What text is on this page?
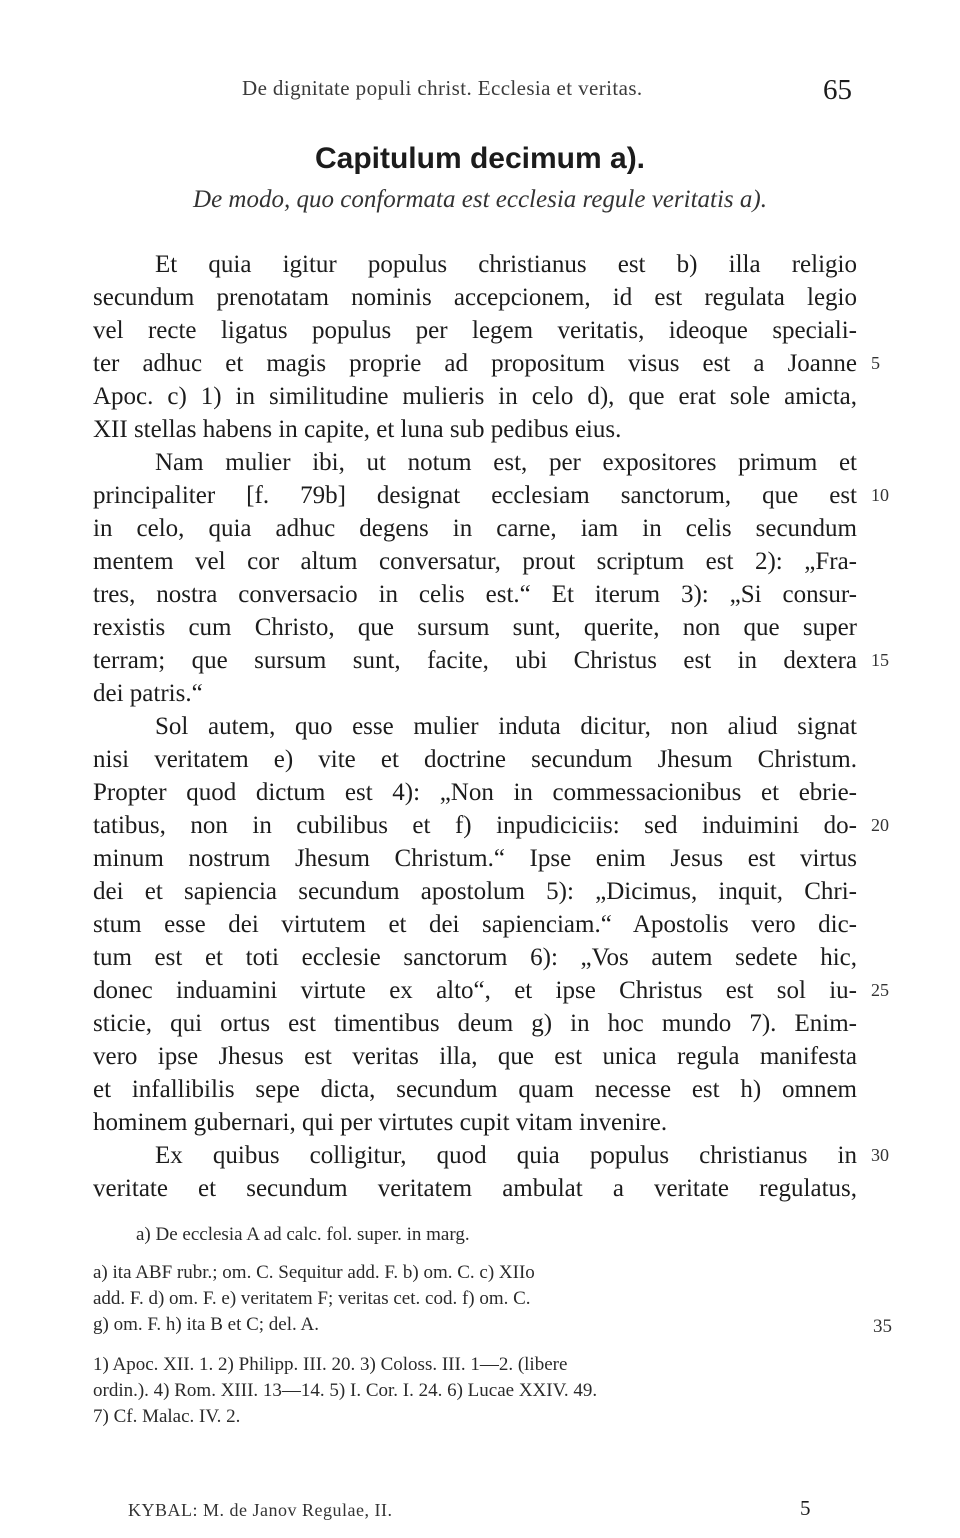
De dignitate populi christ. Ecclesia et veritas.	65
Capitulum decimum a).
De modo, quo conformata est ecclesia regule veritatis a).
Et quia igitur populus christianus est b) illa religio
secundum prenotatam nominis accepcionem, id est regulata legio
vel recte ligatus populus per legem veritatis, ideoque speciali-
ter adhuc et magis proprie ad propositum visus est a Joanne
Apoc. c) 1) in similitudine mulieris in celo d), que erat sole amicta,
XII stellas habens in capite, et luna sub pedibus eius.
Nam mulier ibi, ut notum est, per expositores primum et
principaliter [f. 79b] designat ecclesiam sanctorum, que est
in celo, quia adhuc degens in carne, iam in celis secundum
mentem vel cor altum conversatur, prout scriptum est 2): „Fra-
tres, nostra conversacio in celis est.“ Et iterum 3): „Si consur-
rexistis cum Christo, que sursum sunt, querite, non que super
terram; que sursum sunt, facite, ubi Christus est in dextera
dei patris.“
Sol autem, quo esse mulier induta dicitur, non aliud signat
nisi veritatem e) vite et doctrine secundum Jhesum Christum.
Propter quod dictum est 4): „Non in commessacionibus et ebrie-
tatibus, non in cubilibus et f) inpudiciciis: sed induimini do-
minum nostrum Jhesum Christum.“ Ipse enim Jesus est virtus
dei et sapiencia secundum apostolum 5): „Dicimus, inquit, Chri-
stum esse dei virtutem et dei sapienciam.“ Apostolis vero dic-
tum est et toti ecclesie sanctorum 6): „Vos autem sedete hic,
donec induamini virtute ex alto“, et ipse Christus est sol iu-
sticie, qui ortus est timentibus deum g) in hoc mundo 7). Enim-
vero ipse Jhesus est veritas illa, que est unica regula manifesta
et infallibilis sepe dicta, secundum quam necesse est h) omnem
hominem gubernari, qui per virtutes cupit vitam invenire.
Ex quibus colligitur, quod quia populus christianus in
veritate et secundum veritatem ambulat a veritate regulatus,
5
10
15
20
25
30
a) De ecclesia A ad calc. fol. super. in marg.
a) ita ABF rubr.; om. C. Sequitur add. F. b) om. C. c) XIIo
add. F. d) om. F. e) veritatem F; veritas cet. cod. f) om. C.
g) om. F. h) ita B et C; del. A.	35
1) Apoc. XII. 1. 2) Philipp. III. 20. 3) Coloss. III. 1—2. (libere
ordin.). 4) Rom. XIII. 13—14. 5) I. Cor. I. 24. 6) Lucae XXIV. 49.
7) Cf. Malac. IV. 2.
KYBAL: M. de Janov Regulae, II.	5
